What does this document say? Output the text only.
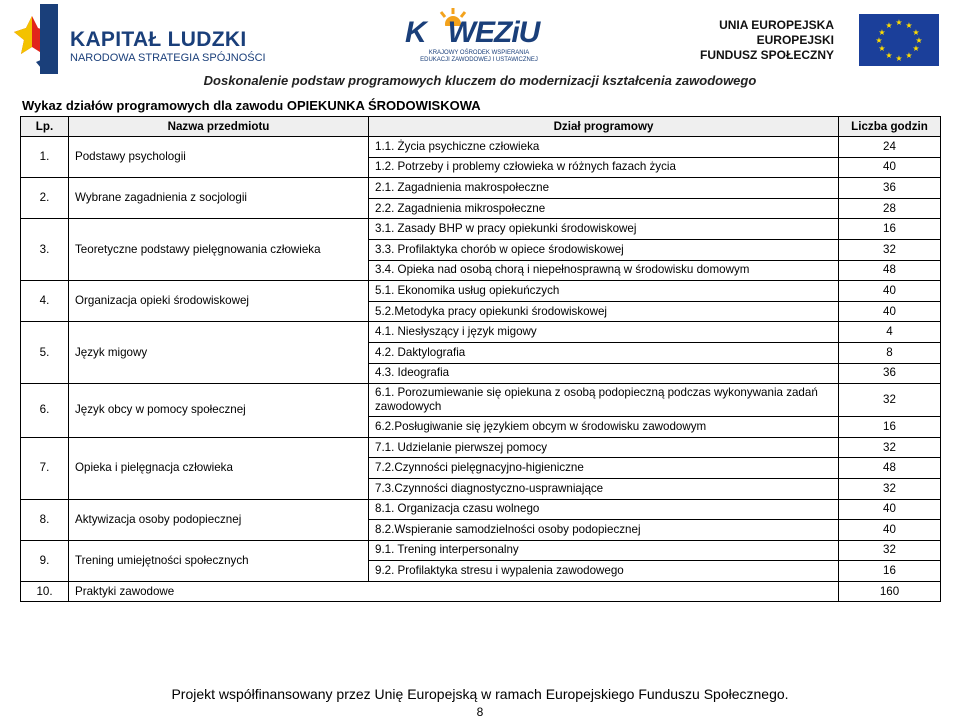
KAPITAŁ LUDZKI
NARODOWA STRATEGIA SPÓJNOŚCI
K WEZiU
KRAJOWY OŚRODEK WSPIERANIA
EDUKACJI ZAWODOWEJ I USTAWICZNEJ
UNIA EUROPEJSKA
EUROPEJSKI
FUNDUSZ SPOŁECZNY
★ ★
★
★
★
★
★
★
★
★
★
★
Doskonalenie podstaw programowych kluczem do modernizacji kształcenia zawodowego
Wykaz działów programowych dla zawodu OPIEKUNKA ŚRODOWISKOWA
Lp.	Nazwa przedmiotu	Dział programowy	Liczba godzin
1.	Podstawy psychologii	1.1. Życia psychiczne człowieka	24
		1.2. Potrzeby i problemy człowieka w różnych fazach życia	40
2.	Wybrane zagadnienia z socjologii	2.1. Zagadnienia makrospołeczne	36
		2.2. Zagadnienia mikrospołeczne	28
3.	Teoretyczne podstawy pielęgnowania człowieka	3.1. Zasady BHP w pracy opiekunki środowiskowej	16
		3.3. Profilaktyka chorób w opiece środowiskowej	32
		3.4. Opieka nad osobą chorą i niepełnosprawną w środowisku domowym	48
4.	Organizacja opieki środowiskowej	5.1. Ekonomika usług opiekuńczych	40
		5.2.Metodyka pracy opiekunki środowiskowej	40
5.	Język migowy	4.1. Niesłyszący i język migowy	4
		4.2. Daktylografia	8
		4.3. Ideografia	36
6.	Język obcy w pomocy społecznej	6.1. Porozumiewanie się opiekuna z osobą podopieczną podczas wykonywania zadań zawodowych	32
		6.2.Posługiwanie się językiem obcym w środowisku zawodowym	16
7.	Opieka i pielęgnacja człowieka	7.1. Udzielanie pierwszej pomocy	32
		7.2.Czynności pielęgnacyjno-higieniczne	48
		7.3.Czynności diagnostyczno-usprawniające	32
8.	Aktywizacja osoby podopiecznej	8.1. Organizacja czasu wolnego	40
		8.2.Wspieranie samodzielności osoby podopiecznej	40
9.	Trening umiejętności społecznych	9.1. Trening interpersonalny	32
		9.2. Profilaktyka stresu i wypalenia zawodowego	16
10.	Praktyki zawodowe		160
Projekt współfinansowany przez Unię Europejską w ramach Europejskiego Funduszu Społecznego.
8
